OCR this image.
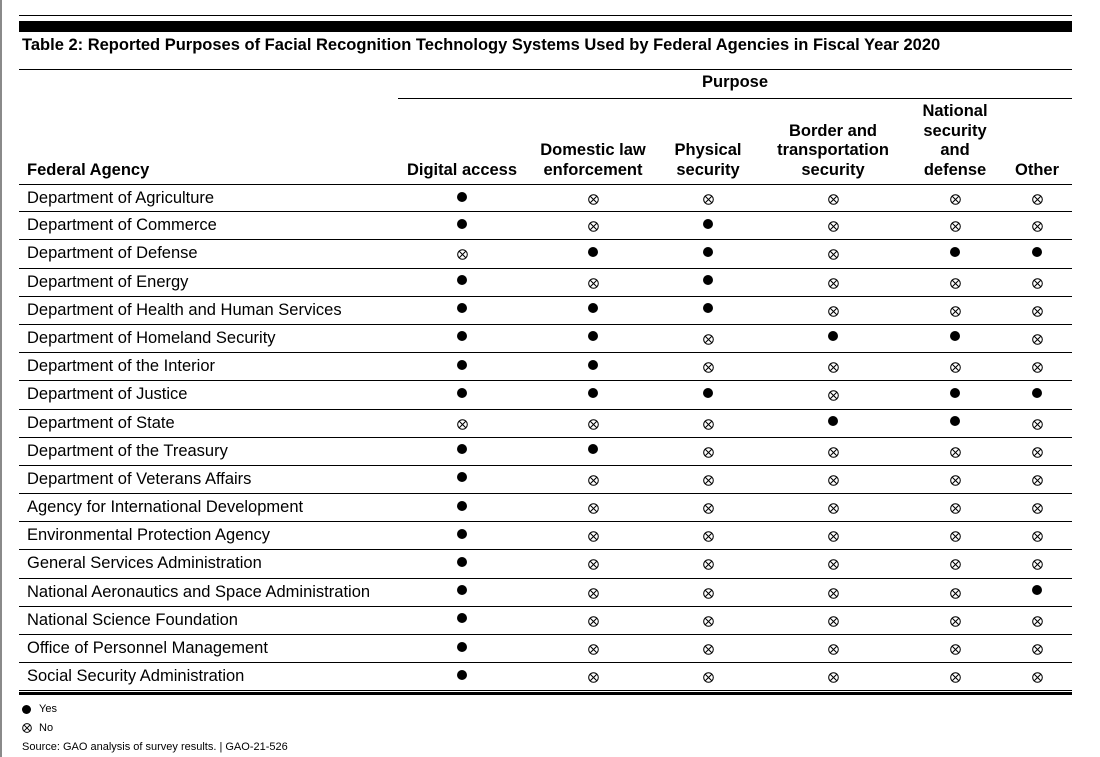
Table 2: Reported Purposes of Facial Recognition Technology Systems Used by Federal Agencies in Fiscal Year 2020
Purpose
Federal Agency	Digital access
Domestic law
enforcement
Physical
security
Border and
transportation
security
National
security
and
defense	Other
Department of Agriculture
Department of Commerce
Department of Defense
Department of Energy
Department of Health and Human Services
Department of Homeland Security
Department of the Interior
Department of Justice
Department of State
Department of the Treasury
Department of Veterans Affairs
Agency for International Development
Environmental Protection Agency
General Services Administration
National Aeronautics and Space Administration
National Science Foundation
Office of Personnel Management
Social Security Administration
Yes
No
Source: GAO analysis of survey results. | GAO-21-526
